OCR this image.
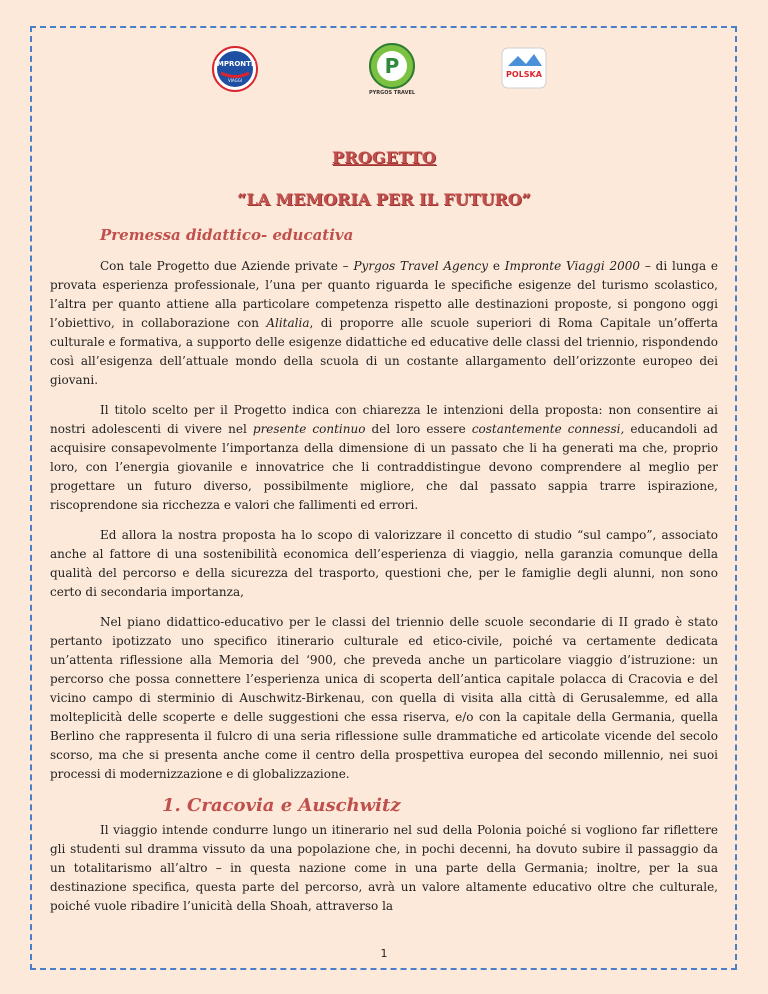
IMPRONTE
VIAGGI
P
PYRGOS TRAVEL
POLSKA
PROGETTO
“LA MEMORIA PER IL FUTURO”
Premessa didattico- educativa

Con tale Progetto due Aziende private – Pyrgos Travel Agency e Impronte Viaggi 2000 – di lunga e provata esperienza professionale, l’una per quanto riguarda le specifiche esigenze del turismo scolastico, l’altra per quanto attiene alla particolare competenza rispetto alle destinazioni proposte, si pongono oggi l’obiettivo, in collaborazione con Alitalia, di proporre alle scuole superiori di Roma Capitale un’offerta culturale e formativa, a supporto delle esigenze didattiche ed educative delle classi del triennio, rispondendo così all’esigenza dell’attuale mondo della scuola di un costante allargamento dell’orizzonte europeo dei giovani.

Il titolo scelto per il Progetto indica con chiarezza le intenzioni della proposta: non consentire ai nostri adolescenti di vivere nel presente continuo del loro essere costantemente connessi, educandoli ad acquisire consapevolmente l’importanza della dimensione di un passato che li ha generati ma che, proprio loro, con l’energia giovanile e innovatrice che li contraddistingue devono comprendere al meglio per progettare un futuro diverso, possibilmente migliore, che dal passato sappia trarre ispirazione, riscoprendone sia ricchezza e valori che fallimenti ed errori.

Ed allora la nostra proposta ha lo scopo di valorizzare il concetto di studio “sul campo”, associato anche al fattore di una sostenibilità economica dell’esperienza di viaggio, nella garanzia comunque della qualità del percorso e della sicurezza del trasporto, questioni che, per le famiglie degli alunni, non sono certo di secondaria importanza,

Nel piano didattico-educativo per le classi del triennio delle scuole secondarie di II grado è stato pertanto ipotizzato uno specifico itinerario culturale ed etico-civile, poiché va certamente dedicata un’attenta riflessione alla Memoria del ‘900, che preveda anche un particolare viaggio d’istruzione: un percorso che possa connettere l’esperienza unica di scoperta dell’antica capitale polacca di Cracovia e del vicino campo di sterminio di Auschwitz-Birkenau, con quella di visita alla città di Gerusalemme, ed alla molteplicità delle scoperte e delle suggestioni che essa riserva, e/o con la capitale della Germania, quella Berlino che rappresenta il fulcro di una seria riflessione sulle drammatiche ed articolate vicende del secolo scorso, ma che si presenta anche come il centro della prospettiva europea del secondo millennio, nei suoi processi di modernizzazione e di globalizzazione.

1. Cracovia e Auschwitz

Il viaggio intende condurre lungo un itinerario nel sud della Polonia poiché si vogliono far riflettere gli studenti sul dramma vissuto da una popolazione che, in pochi decenni, ha dovuto subire il passaggio da un totalitarismo all’altro – in questa nazione come in una parte della Germania; inoltre, per la sua destinazione specifica, questa parte del percorso, avrà un valore altamente educativo oltre che culturale, poiché vuole ribadire l’unicità della Shoah, attraverso la

1
